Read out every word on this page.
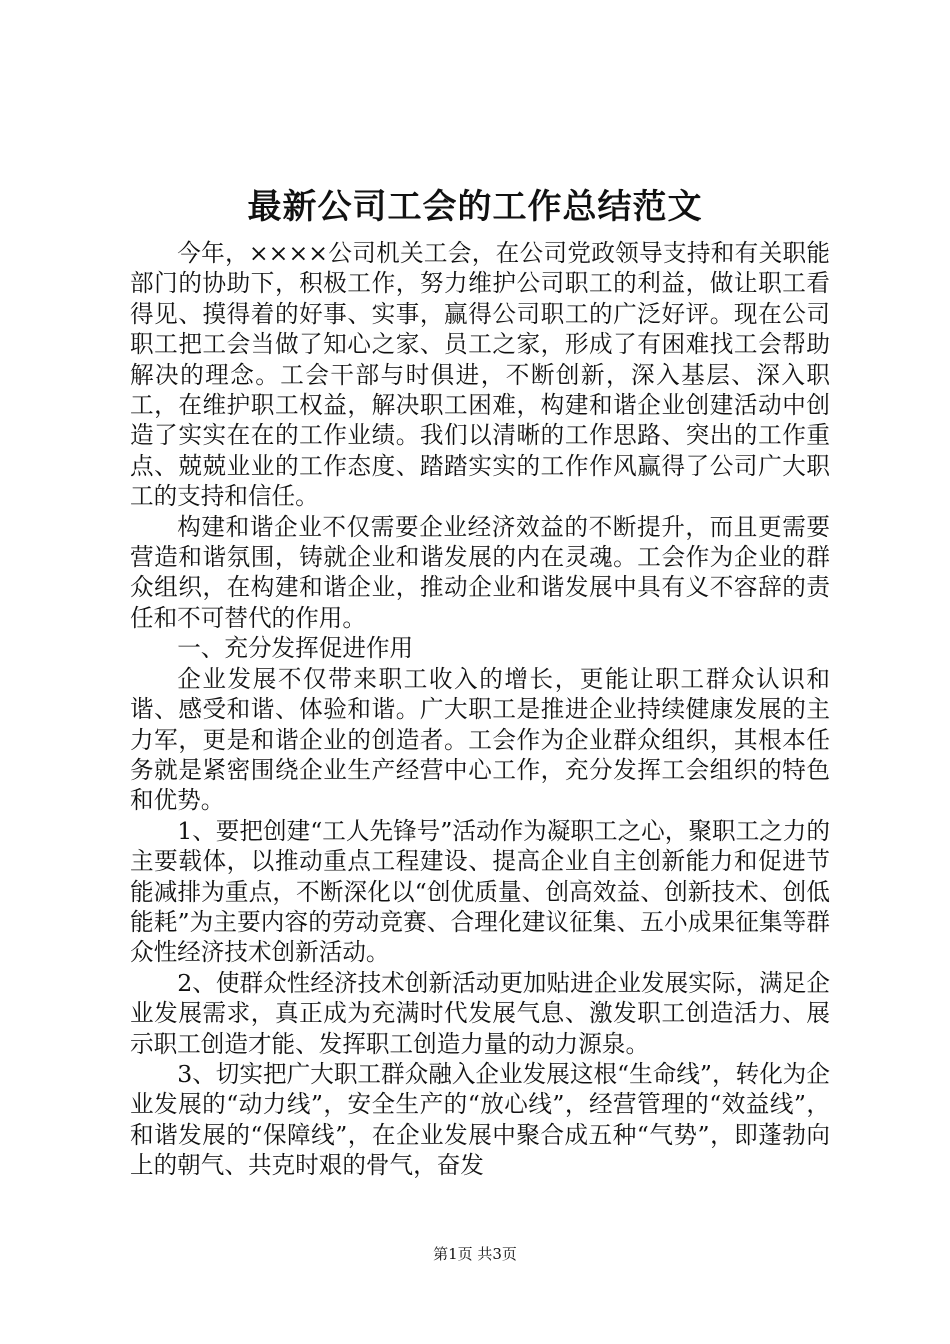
最新公司工会的工作总结范文

今年，××××公司机关工会，在公司党政领导支持和有关职能部门的协助下，积极工作，努力维护公司职工的利益，做让职工看得见、摸得着的好事、实事，赢得公司职工的广泛好评。现在公司职工把工会当做了知心之家、员工之家，形成了有困难找工会帮助解决的理念。工会干部与时俱进，不断创新，深入基层、深入职工，在维护职工权益，解决职工困难，构建和谐企业创建活动中创造了实实在在的工作业绩。我们以清晰的工作思路、突出的工作重点、兢兢业业的工作态度、踏踏实实的工作作风赢得了公司广大职工的支持和信任。

构建和谐企业不仅需要企业经济效益的不断提升，而且更需要营造和谐氛围，铸就企业和谐发展的内在灵魂。工会作为企业的群众组织，在构建和谐企业，推动企业和谐发展中具有义不容辞的责任和不可替代的作用。

一、充分发挥促进作用

企业发展不仅带来职工收入的增长，更能让职工群众认识和谐、感受和谐、体验和谐。广大职工是推进企业持续健康发展的主力军，更是和谐企业的创造者。工会作为企业群众组织，其根本任务就是紧密围绕企业生产经营中心工作，充分发挥工会组织的特色和优势。

1、要把创建“工人先锋号”活动作为凝职工之心，聚职工之力的主要载体，以推动重点工程建设、提高企业自主创新能力和促进节能减排为重点，不断深化以“创优质量、创高效益、创新技术、创低能耗”为主要内容的劳动竞赛、合理化建议征集、五小成果征集等群众性经济技术创新活动。

2、使群众性经济技术创新活动更加贴进企业发展实际，满足企业发展需求，真正成为充满时代发展气息、激发职工创造活力、展示职工创造才能、发挥职工创造力量的动力源泉。

3、切实把广大职工群众融入企业发展这根“生命线”，转化为企业发展的“动力线”，安全生产的“放心线”，经营管理的“效益线”，和谐发展的“保障线”，在企业发展中聚合成五种“气势”，即蓬勃向上的朝气、共克时艰的骨气，奋发

第1页 共3页
